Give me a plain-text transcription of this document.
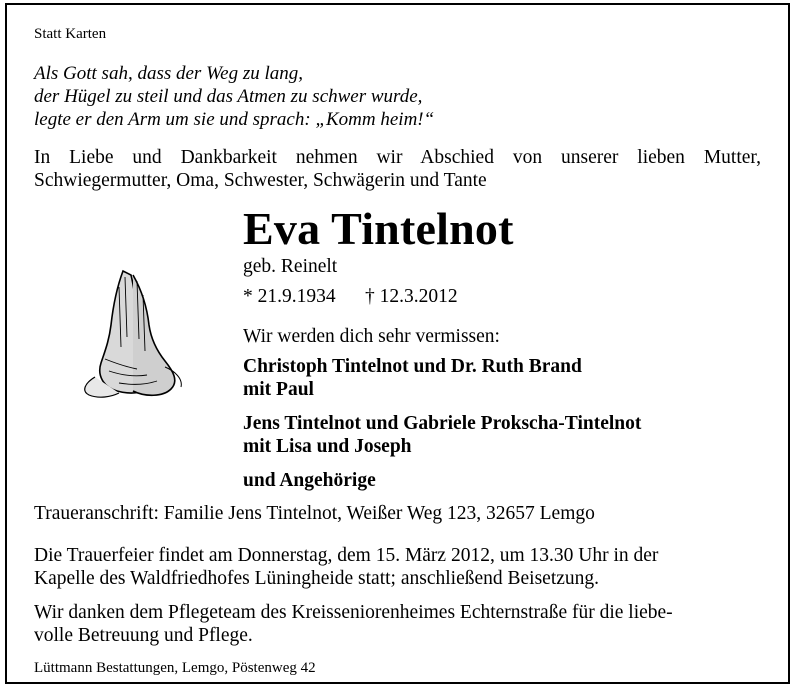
Statt Karten
Als Gott sah, dass der Weg zu lang,
der Hügel zu steil und das Atmen zu schwer wurde,
legte er den Arm um sie und sprach: „Komm heim!“
In Liebe und Dankbarkeit nehmen wir Abschied von unserer lieben Mutter,
Schwiegermutter, Oma, Schwester, Schwägerin und Tante
Eva Tintelnot
geb. Reinelt
* 21.9.1934 † 12.3.2012
Wir werden dich sehr vermissen:
Christoph Tintelnot und Dr. Ruth Brand
mit Paul
Jens Tintelnot und Gabriele Prokscha-Tintelnot
mit Lisa und Joseph
und Angehörige
Traueranschrift: Familie Jens Tintelnot, Weißer Weg 123, 32657 Lemgo
Die Trauerfeier findet am Donnerstag, dem 15. März 2012, um 13.30 Uhr in der
Kapelle des Waldfriedhofes Lüningheide statt; anschließend Beisetzung.
Wir danken dem Pflegeteam des Kreisseniorenheimes Echternstraße für die liebe-
volle Betreuung und Pflege.
Lüttmann Bestattungen, Lemgo, Pöstenweg 42
